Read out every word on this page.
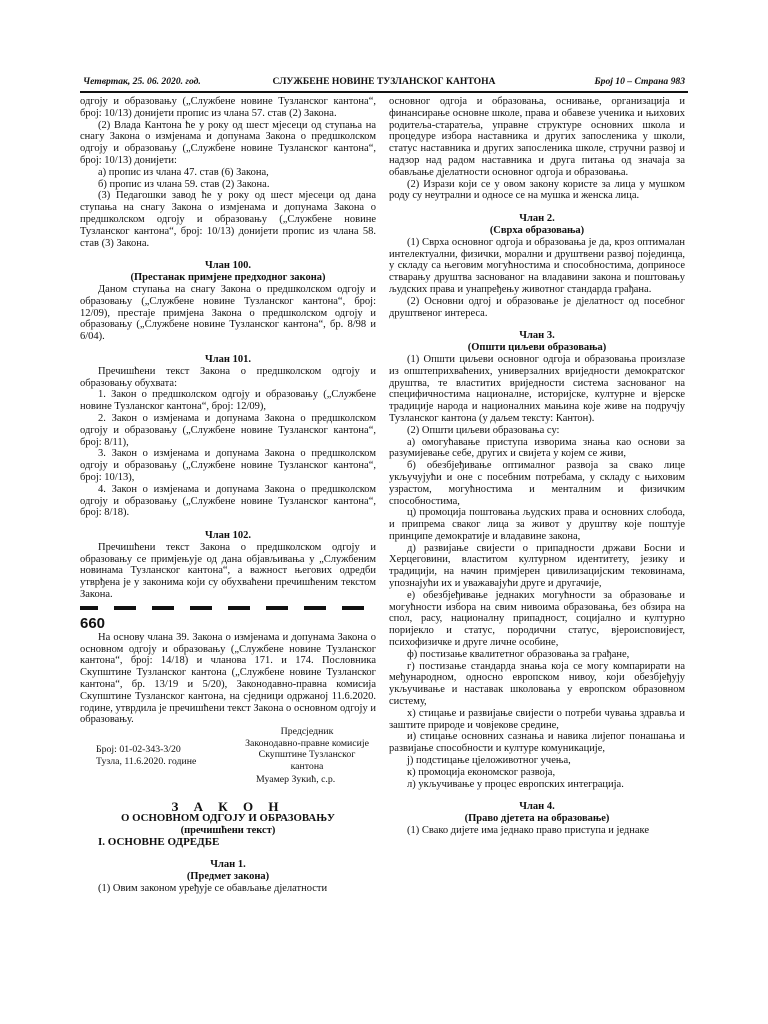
Четвртак, 25. 06. 2020. год.	СЛУЖБЕНЕ НОВИНЕ ТУЗЛАНСКОГ КАНТОНА	Број 10 – Страна 983

одгоју и образовању („Службене новине Тузланског кантона“, број: 10/13) донијети пропис из члана 57. став (2) Закона.

(2) Влада Кантона ће у року од шест мјесеци од ступања на снагу Закона о измјенама и допунама Закона о предшколском одгоју и образовању („Службене новине Тузланског кантона“, број: 10/13) донијети:

а) пропис из члана 47. став (6) Закона,

б) пропис из члана 59. став (2) Закона.

(3) Педагошки завод ће у року од шест мјесеци од дана ступања на снагу Закона о измјенама и допунама Закона о предшколском одгоју и образовању („Службене новине Тузланског кантона“, број: 10/13) донијети пропис из члана 58. став (3) Закона.

Члан 100.

(Престанак примјене предходног закона)

Даном ступања на снагу Закона о предшколском одгоју и образовању („Службене новине Тузланског кантона“, број: 12/09), престаје примјена Закона о предшколском одгоју и образовању („Службене новине Тузланског кантона“, бр. 8/98 и 6/04).

Члан 101.

Пречишћени текст Закона о предшколском одгоју и образовању обухвата:

1. Закон о предшколском одгоју и образовању („Службене новине Тузланског кантона“, број: 12/09),

2. Закон о измјенама и допунама Закона о предшколском одгоју и образовању („Службене новине Тузланског кантона“, број: 8/11),

3. Закон о измјенама и допунама Закона о предшколском одгоју и образовању („Службене новине Тузланског кантона“, број: 10/13),

4. Закон о измјенама и допунама Закона о предшколском одгоју и образовању („Службене новине Тузланског кантона“, број: 8/18).

Члан 102.

Пречишћени текст Закона о предшколском одгоју и образовању се примјењује од дана објављивања у „Службеним новинама Тузланског кантона“, а важност његових одредби утврђена је у законима који су обухваћени пречишћеним текстом Закона.

660

На основу члана 39. Закона о измјенама и допунама Закона о основном одгоју и образовању („Службене новине Тузланског кантона“, број: 14/18) и чланова 171. и 174. Пословника Скупштине Тузланског кантона („Службене новине Тузланског кантона“, бр. 13/19 и 5/20), Законодавно-правна комисија Скупштине Тузланског кантона, на сједници одржаној 11.6.2020. године, утврдила је пречишћени текст Закона о основном одгоју и образовању.

Број: 01-02-343-3/20
Тузла, 11.6.2020. године
Предсједник
Законодавно-правне комисије
Скупштине Тузланског кантона
Муамер Зукић, с.р.
З А К О Н
О ОСНОВНОМ ОДГОЈУ И ОБРАЗОВАЊУ
(пречишћени текст)

I. ОСНОВНЕ ОДРЕДБЕ

Члан 1.

(Предмет закона)

(1) Овим законом уређује се обављање дјелатности

основног одгоја и образовања, оснивање, организација и финансирање основне школе, права и обавезе ученика и њихових родитеља-старатеља, управне структуре основних школа и процедуре избора наставника и других запосленика у школи, статус наставника и других запосленика школе, стручни развој и надзор над радом наставника и друга питања од значаја за обављање дјелатности основног одгоја и образовања.

(2) Изрази који се у овом закону користе за лица у мушком роду су неутрални и односе се на мушка и женска лица.

Члан 2.

(Сврха образовања)

(1) Сврха основног одгоја и образовања је да, кроз оптималан интелектуални, физички, морални и друштвени развој појединца, у складу са његовим могућностима и способностима, доприносе стварању друштва заснованог на владавини закона и поштовању људских права и унапређењу животног стандарда грађана.

(2) Основни одгој и образовање је дјелатност од посебног друштвеног интереса.

Члан 3.

(Општи циљеви образовања)

(1) Општи циљеви основног одгоја и образовања произлазе из општеприхваћених, универзалних вриједности демократског друштва, те властитих вриједности система заснованог на специфичностима националне, историјске, културне и вјерске традиције народа и националних мањина које живе на подручју Тузланског кантона (у даљем тексту: Кантон).

(2) Општи циљеви образовања су:

а) омогућавање приступа изворима знања као основи за разумијевање себе, других и свијета у којем се живи,

б) обезбјеђивање оптималног развоја за свако лице укључујући и оне с посебним потребама, у складу с њиховим узрастом, могућностима и менталним и физичким способностима,

ц) промоција поштовања људских права и основних слобода, и припрема сваког лица за живот у друштву које поштује принципе демократије и владавине закона,

д) развијање свијести о припадности држави Босни и Херцеговини, властитом културном идентитету, језику и традицији, на начин примјерен цивилизацијским тековинама, упознајући их и уважавајући друге и другачије,

е) обезбјеђивање једнаких могућности за образовање и могућности избора на свим нивоима образовања, без обзира на спол, расу, националну припадност, социјално и културно поријекло и статус, породични статус, вјероисповијест, психофизичке и друге личне особине,

ф) постизање квалитетног образовања за грађане,

г) постизање стандарда знања која се могу компарирати на међународном, односно европском нивоу, који обезбјеђују укључивање и наставак школовања у европском образовном систему,

х) стицање и развијање свијести о потреби чувања здравља и заштите природе и човјекове средине,

и) стицање основних сазнања и навика лијепог понашања и развијање способности и културе комуникације,

ј) подстицање цјеложивотног учења,

к) промоција економског развоја,

л) укључивање у процес европских интеграција.

Члан 4.

(Право дјетета на образовање)

(1) Свако дијете има једнако право приступа и једнаке
